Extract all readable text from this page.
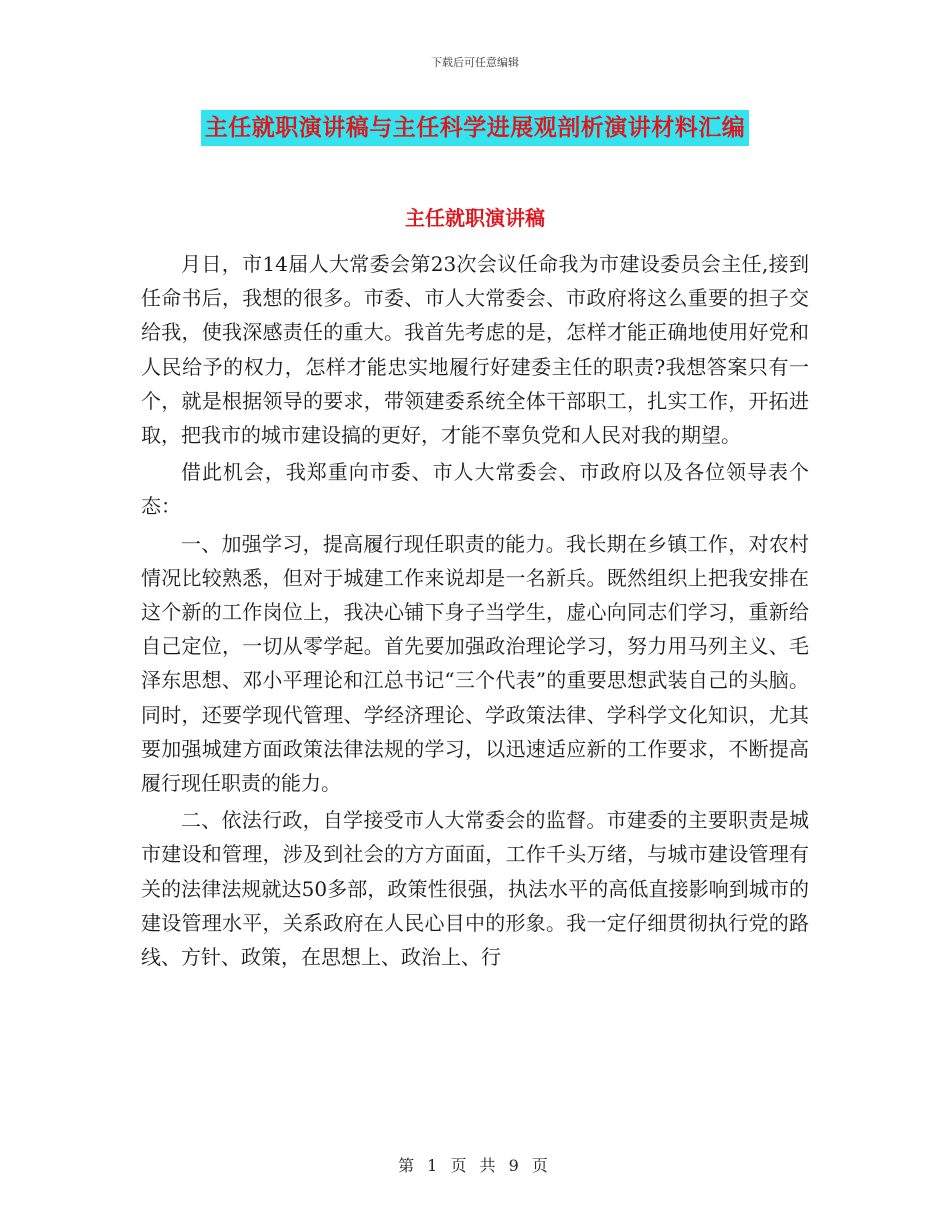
下载后可任意编辑
主任就职演讲稿与主任科学进展观剖析演讲材料汇编
主任就职演讲稿

月日，市14届人大常委会第23次会议任命我为市建设委员会主任,接到任命书后，我想的很多。市委、市人大常委会、市政府将这么重要的担子交给我，使我深感责任的重大。我首先考虑的是，怎样才能正确地使用好党和人民给予的权力，怎样才能忠实地履行好建委主任的职责?我想答案只有一个，就是根据领导的要求，带领建委系统全体干部职工，扎实工作，开拓进取，把我市的城市建设搞的更好，才能不辜负党和人民对我的期望。

借此机会，我郑重向市委、市人大常委会、市政府以及各位领导表个态：

一、加强学习，提高履行现任职责的能力。我长期在乡镇工作，对农村情况比较熟悉，但对于城建工作来说却是一名新兵。既然组织上把我安排在这个新的工作岗位上，我决心铺下身子当学生，虚心向同志们学习，重新给自己定位，一切从零学起。首先要加强政治理论学习，努力用马列主义、毛泽东思想、邓小平理论和江总书记“三个代表”的重要思想武装自己的头脑。同时，还要学现代管理、学经济理论、学政策法律、学科学文化知识，尤其要加强城建方面政策法律法规的学习，以迅速适应新的工作要求，不断提高履行现任职责的能力。

二、依法行政，自学接受市人大常委会的监督。市建委的主要职责是城市建设和管理，涉及到社会的方方面面，工作千头万绪，与城市建设管理有关的法律法规就达50多部，政策性很强，执法水平的高低直接影响到城市的建设管理水平，关系政府在人民心目中的形象。我一定仔细贯彻执行党的路线、方针、政策，在思想上、政治上、行

第 1 页 共 9 页
